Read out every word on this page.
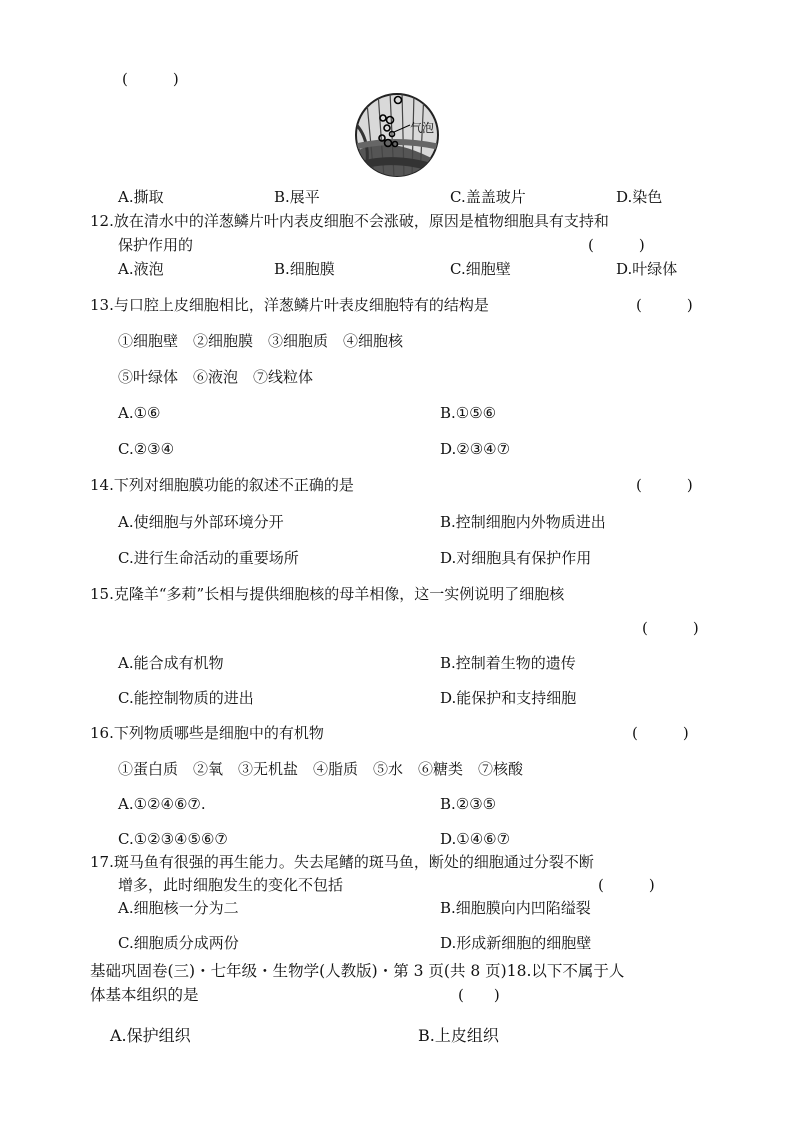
(　　　)
气泡
A.撕取	B.展平	C.盖盖玻片	D.染色
12.放在清水中的洋葱鳞片叶内表皮细胞不会涨破，原因是植物细胞具有支持和
保护作用的	(　　　)
A.液泡	B.细胞膜	C.细胞壁	D.叶绿体
13.与口腔上皮细胞相比，洋葱鳞片叶表皮细胞特有的结构是	(　　　)
①细胞壁　②细胞膜　③细胞质　④细胞核
⑤叶绿体　⑥液泡　⑦线粒体
A.①⑥	B.①⑤⑥
C.②③④	D.②③④⑦
14.下列对细胞膜功能的叙述不正确的是	(　　　)
A.使细胞与外部环境分开	B.控制细胞内外物质进出
C.进行生命活动的重要场所	D.对细胞具有保护作用
15.克隆羊“多莉”长相与提供细胞核的母羊相像，这一实例说明了细胞核
(　　　)
A.能合成有机物	B.控制着生物的遗传
C.能控制物质的进出	D.能保护和支持细胞
16.下列物质哪些是细胞中的有机物	(　　　)
①蛋白质　②氧　③无机盐　④脂质　⑤水　⑥糖类　⑦核酸
A.①②④⑥⑦.	B.②③⑤
C.①②③④⑤⑥⑦	D.①④⑥⑦
17.斑马鱼有很强的再生能力。失去尾鳍的斑马鱼，断处的细胞通过分裂不断
增多，此时细胞发生的变化不包括	(　　　)
A.细胞核一分为二	B.细胞膜向内凹陷缢裂
C.细胞质分成两份	D.形成新细胞的细胞壁
基础巩固卷(三)・七年级・生物学(人教版)・第 3 页(共 8 页)18.以下不属于人
体基本组织的是	(　　)
A.保护组织	B.上皮组织
